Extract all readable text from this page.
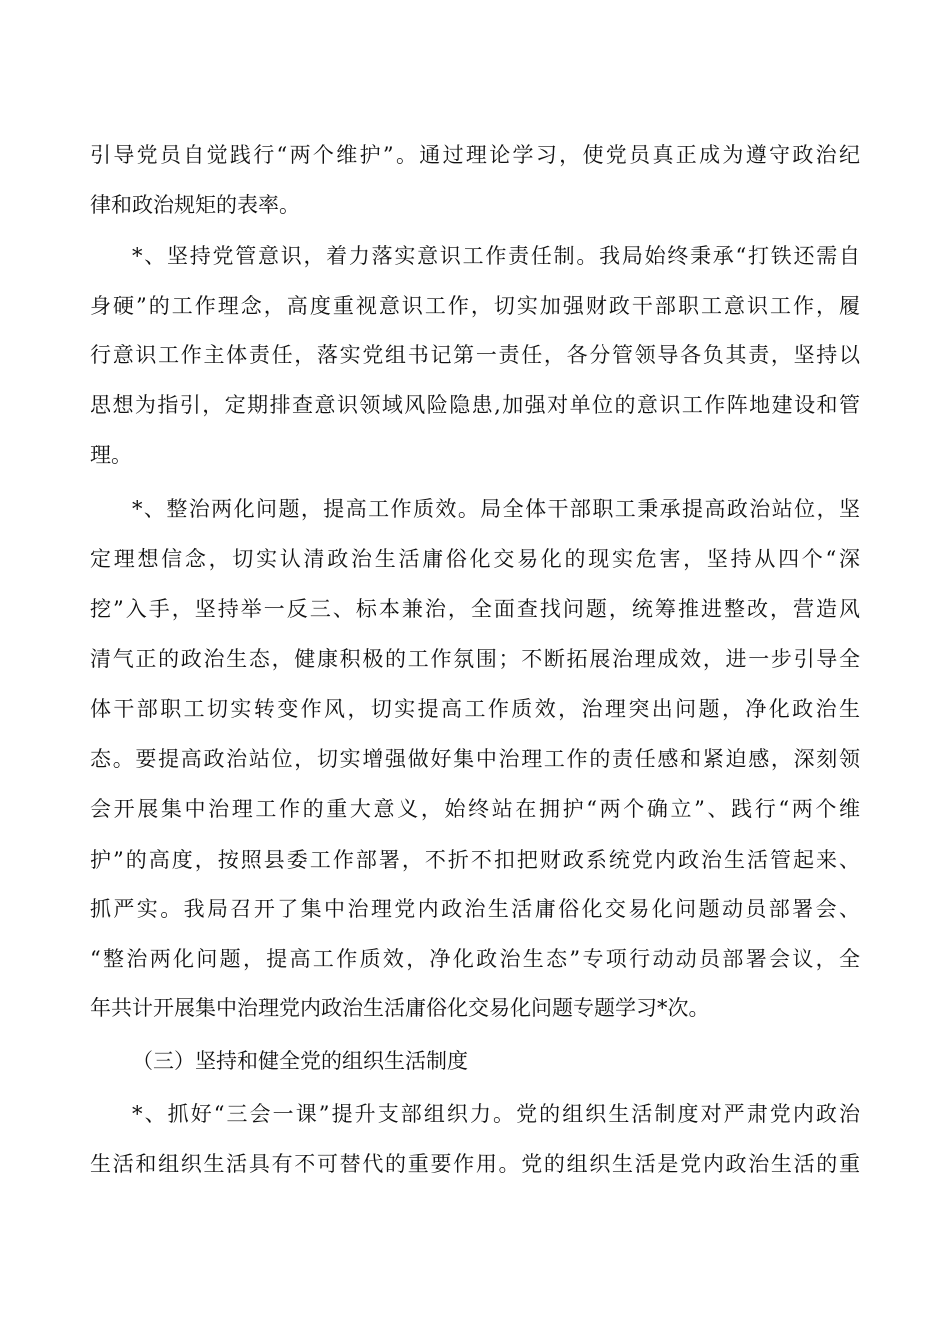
引导党员自觉践行“两个维护”。通过理论学习，使党员真正成为遵守政治纪
律和政治规矩的表率。
*、坚持党管意识，着力落实意识工作责任制。我局始终秉承“打铁还需自
身硬”的工作理念，高度重视意识工作，切实加强财政干部职工意识工作，履
行意识工作主体责任，落实党组书记第一责任，各分管领导各负其责，坚持以
思想为指引，定期排查意识领域风险隐患,加强对单位的意识工作阵地建设和管
理。
*、整治两化问题，提高工作质效。局全体干部职工秉承提高政治站位，坚
定理想信念，切实认清政治生活庸俗化交易化的现实危害，坚持从四个“深
挖”入手，坚持举一反三、标本兼治，全面查找问题，统筹推进整改，营造风
清气正的政治生态，健康积极的工作氛围；不断拓展治理成效，进一步引导全
体干部职工切实转变作风，切实提高工作质效，治理突出问题，净化政治生
态。要提高政治站位，切实增强做好集中治理工作的责任感和紧迫感，深刻领
会开展集中治理工作的重大意义，始终站在拥护“两个确立”、践行“两个维
护”的高度，按照县委工作部署，不折不扣把财政系统党内政治生活管起来、
抓严实。我局召开了集中治理党内政治生活庸俗化交易化问题动员部署会、
“整治两化问题，提高工作质效，净化政治生态”专项行动动员部署会议，全
年共计开展集中治理党内政治生活庸俗化交易化问题专题学习*次。
（三）坚持和健全党的组织生活制度
*、抓好“三会一课”提升支部组织力。党的组织生活制度对严肃党内政治
生活和组织生活具有不可替代的重要作用。党的组织生活是党内政治生活的重
